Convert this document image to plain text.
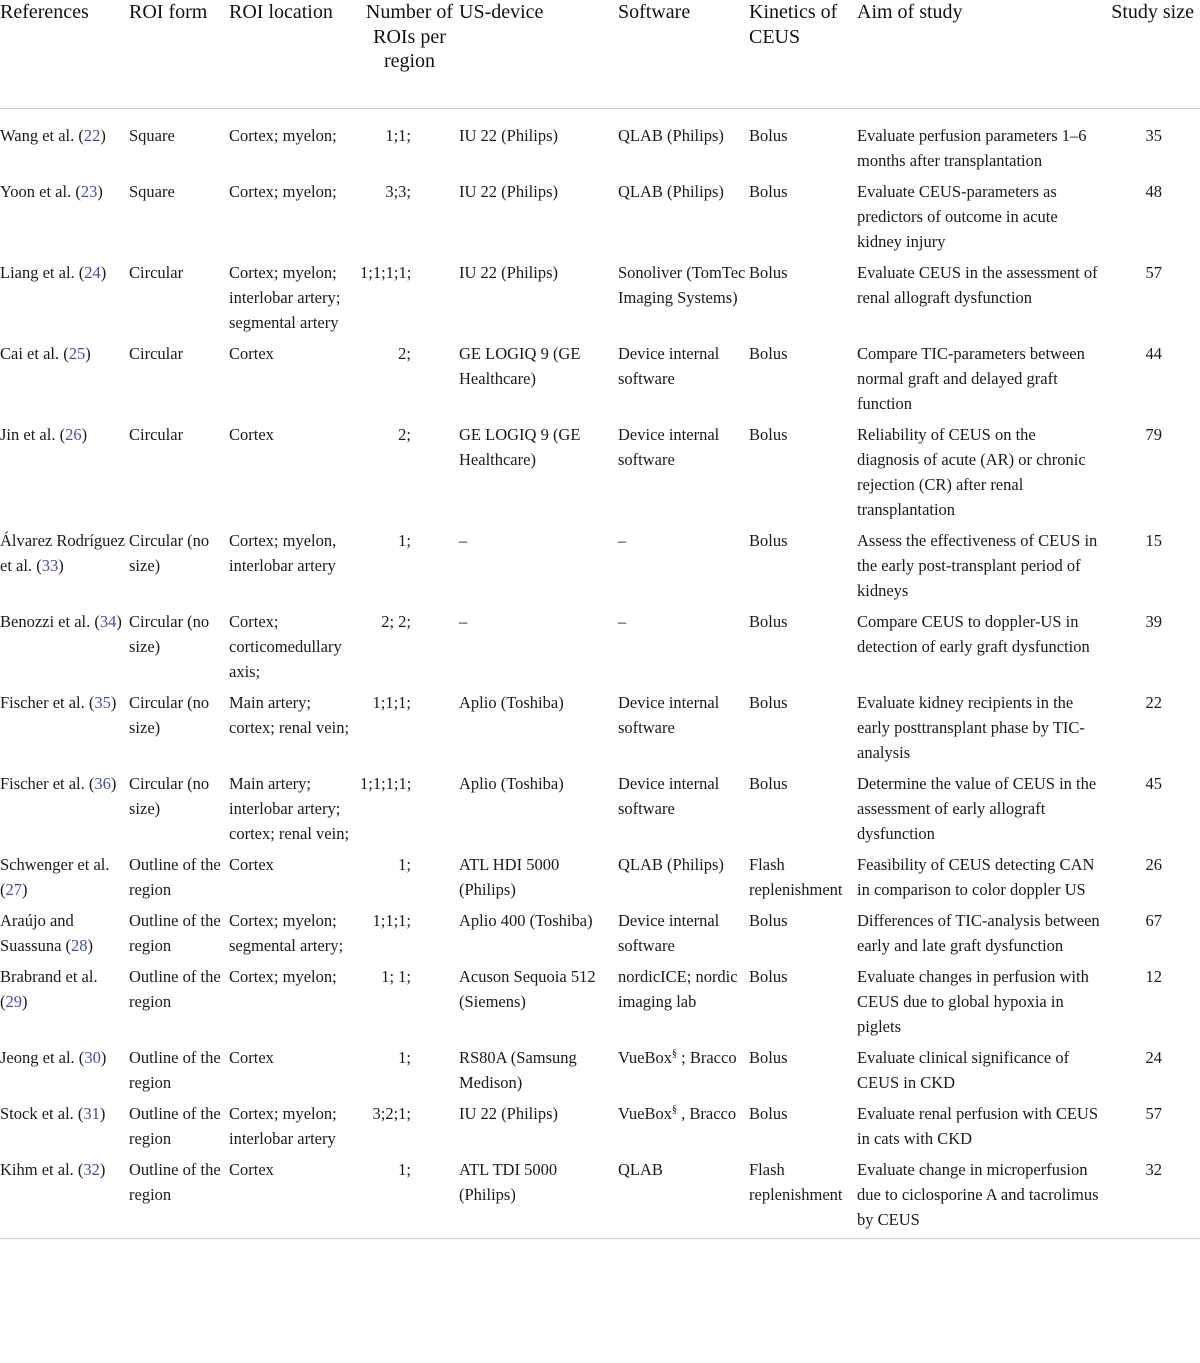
References	ROI form	ROI location	Number of ROIs per region	US-device	Software	Kinetics of CEUS	Aim of study	Study size
Wang et al. (22)	Square	Cortex; myelon;	1;1;	IU 22 (Philips)	QLAB (Philips)	Bolus	Evaluate perfusion parameters 1–6 months after transplantation	35
Yoon et al. (23)	Square	Cortex; myelon;	3;3;	IU 22 (Philips)	QLAB (Philips)	Bolus	Evaluate CEUS-parameters as predictors of outcome in acute kidney injury	48
Liang et al. (24)	Circular	Cortex; myelon; interlobar artery; segmental artery	1;1;1;1;	IU 22 (Philips)	Sonoliver (TomTec Imaging Systems)	Bolus	Evaluate CEUS in the assessment of renal allograft dysfunction	57
Cai et al. (25)	Circular	Cortex	2;	GE LOGIQ 9 (GE Healthcare)	Device internal software	Bolus	Compare TIC-parameters between normal graft and delayed graft function	44
Jin et al. (26)	Circular	Cortex	2;	GE LOGIQ 9 (GE Healthcare)	Device internal software	Bolus	Reliability of CEUS on the diagnosis of acute (AR) or chronic rejection (CR) after renal transplantation	79
Álvarez Rodríguez et al. (33)	Circular (no size)	Cortex; myelon, interlobar artery	1;	–	–	Bolus	Assess the effectiveness of CEUS in the early post-transplant period of kidneys	15
Benozzi et al. (34)	Circular (no size)	Cortex; corticomedullary axis;	2; 2;	–	–	Bolus	Compare CEUS to doppler-US in detection of early graft dysfunction	39
Fischer et al. (35)	Circular (no size)	Main artery; cortex; renal vein;	1;1;1;	Aplio (Toshiba)	Device internal software	Bolus	Evaluate kidney recipients in the early posttransplant phase by TIC-analysis	22
Fischer et al. (36)	Circular (no size)	Main artery; interlobar artery; cortex; renal vein;	1;1;1;1;	Aplio (Toshiba)	Device internal software	Bolus	Determine the value of CEUS in the assessment of early allograft dysfunction	45
Schwenger et al. (27)	Outline of the region	Cortex	1;	ATL HDI 5000 (Philips)	QLAB (Philips)	Flash replenishment	Feasibility of CEUS detecting CAN in comparison to color doppler US	26
Araújo and Suassuna (28)	Outline of the region	Cortex; myelon; segmental artery;	1;1;1;	Aplio 400 (Toshiba)	Device internal software	Bolus	Differences of TIC-analysis between early and late graft dysfunction	67
Brabrand et al. (29)	Outline of the region	Cortex; myelon;	1; 1;	Acuson Sequoia 512 (Siemens)	nordicICE; nordic imaging lab	Bolus	Evaluate changes in perfusion with CEUS due to global hypoxia in piglets	12
Jeong et al. (30)	Outline of the region	Cortex	1;	RS80A (Samsung Medison)	VueBox§ ; Bracco	Bolus	Evaluate clinical significance of CEUS in CKD	24
Stock et al. (31)	Outline of the region	Cortex; myelon; interlobar artery	3;2;1;	IU 22 (Philips)	VueBox§ , Bracco	Bolus	Evaluate renal perfusion with CEUS in cats with CKD	57
Kihm et al. (32)	Outline of the region	Cortex	1;	ATL TDI 5000 (Philips)	QLAB	Flash replenishment	Evaluate change in microperfusion due to ciclosporine A and tacrolimus by CEUS	32
